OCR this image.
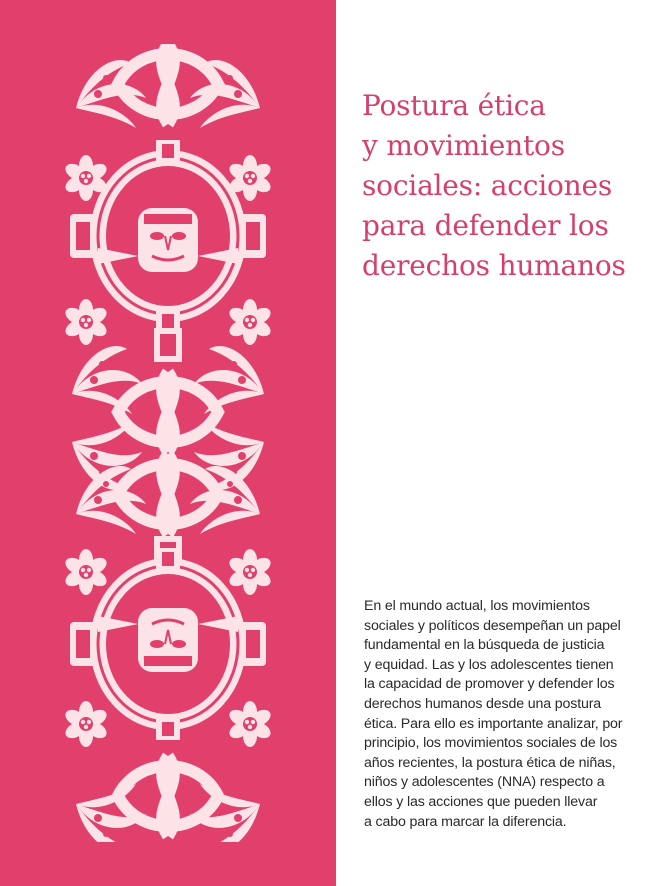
Postura ética
y movimientos
sociales: acciones
para defender los
derechos humanos

En el mundo actual, los movimientos
sociales y políticos desempeñan un papel
fundamental en la búsqueda de justicia
y equidad. Las y los adolescentes tienen
la capacidad de promover y defender los
derechos humanos desde una postura
ética. Para ello es importante analizar, por
principio, los movimientos sociales de los
años recientes, la postura ética de niñas,
niños y adolescentes (NNA) respecto a
ellos y las acciones que pueden llevar
a cabo para marcar la diferencia.
